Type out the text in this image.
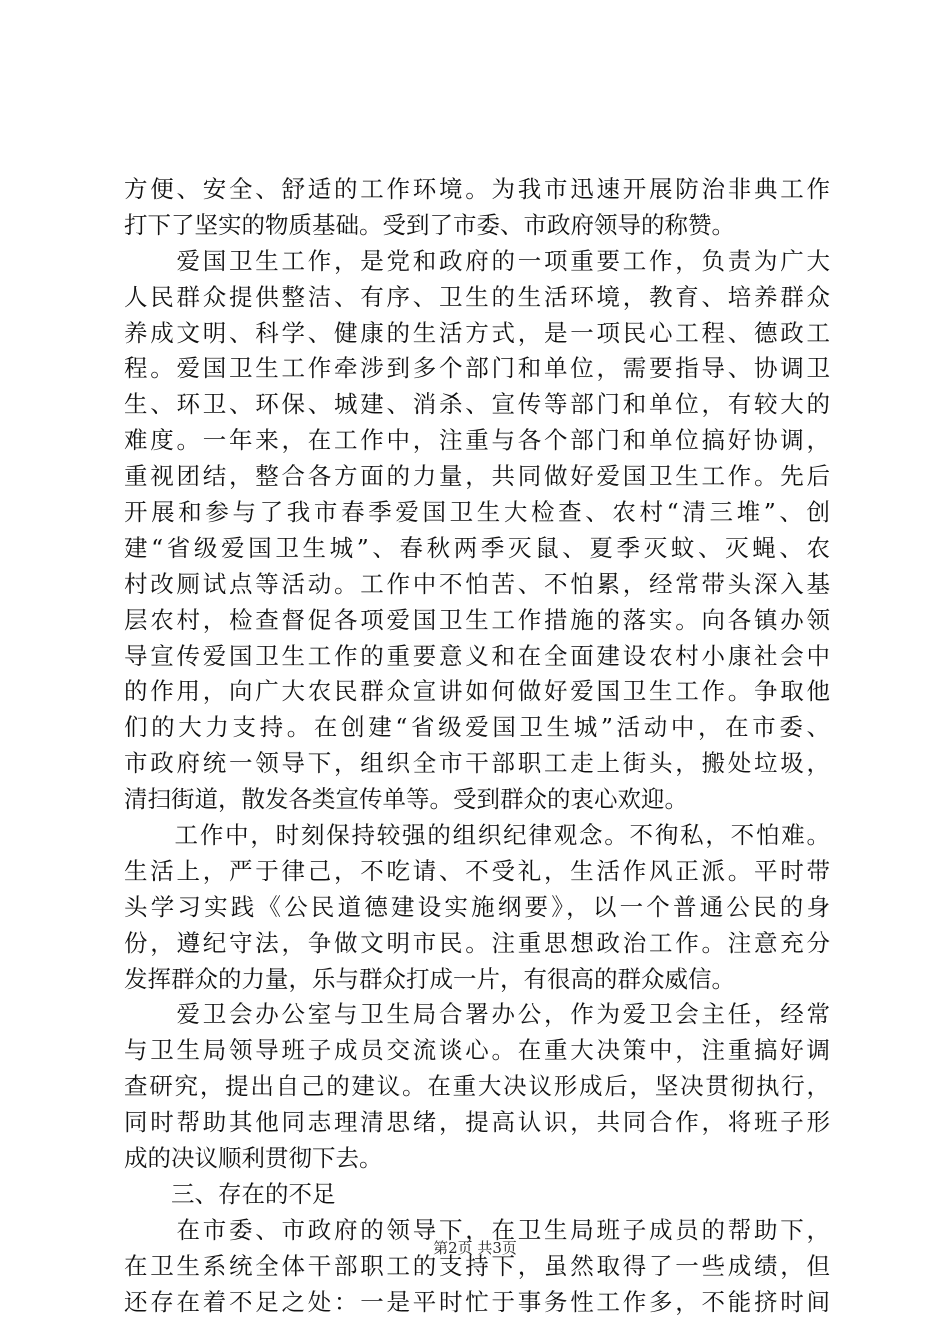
方便、安全、舒适的工作环境。为我市迅速开展防治非典工作
打下了坚实的物质基础。受到了市委、市政府领导的称赞。
　　爱国卫生工作，是党和政府的一项重要工作，负责为广大
人民群众提供整洁、有序、卫生的生活环境，教育、培养群众
养成文明、科学、健康的生活方式，是一项民心工程、德政工
程。爱国卫生工作牵涉到多个部门和单位，需要指导、协调卫
生、环卫、环保、城建、消杀、宣传等部门和单位，有较大的
难度。一年来，在工作中，注重与各个部门和单位搞好协调，
重视团结，整合各方面的力量，共同做好爱国卫生工作。先后
开展和参与了我市春季爱国卫生大检查、农村“清三堆”、创
建“省级爱国卫生城”、春秋两季灭鼠、夏季灭蚊、灭蝇、农
村改厕试点等活动。工作中不怕苦、不怕累，经常带头深入基
层农村，检查督促各项爱国卫生工作措施的落实。向各镇办领
导宣传爱国卫生工作的重要意义和在全面建设农村小康社会中
的作用，向广大农民群众宣讲如何做好爱国卫生工作。争取他
们的大力支持。在创建“省级爱国卫生城”活动中，在市委、
市政府统一领导下，组织全市干部职工走上街头，搬处垃圾，
清扫街道，散发各类宣传单等。受到群众的衷心欢迎。
　　工作中，时刻保持较强的组织纪律观念。不徇私，不怕难。
生活上，严于律己，不吃请、不受礼，生活作风正派。平时带
头学习实践《公民道德建设实施纲要》，以一个普通公民的身
份，遵纪守法，争做文明市民。注重思想政治工作。注意充分
发挥群众的力量，乐与群众打成一片，有很高的群众威信。
　　爱卫会办公室与卫生局合署办公，作为爱卫会主任，经常
与卫生局领导班子成员交流谈心。在重大决策中，注重搞好调
查研究，提出自己的建议。在重大决议形成后，坚决贯彻执行，
同时帮助其他同志理清思绪，提高认识，共同合作，将班子形
成的决议顺利贯彻下去。
　　三、存在的不足
　　在市委、市政府的领导下，在卫生局班子成员的帮助下，
在卫生系统全体干部职工的支持下，虽然取得了一些成绩，但
还存在着不足之处：一是平时忙于事务性工作多，不能挤时间
第2页 共3页
